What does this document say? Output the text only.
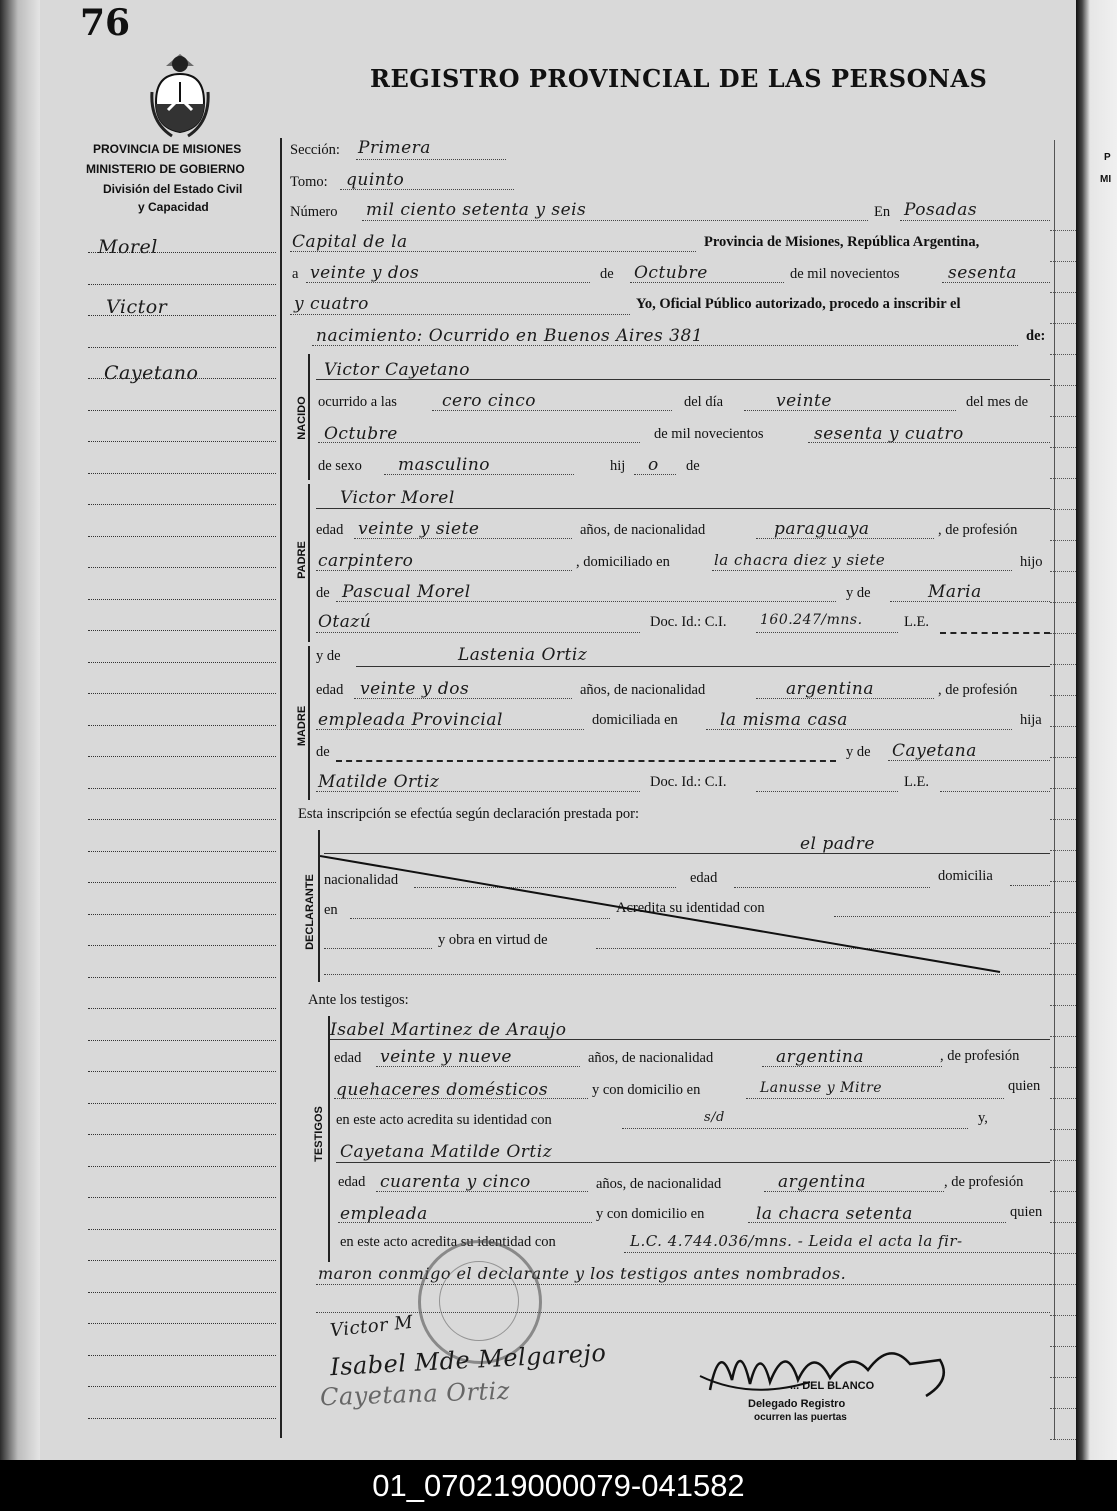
P
MI
76
REGISTRO PROVINCIAL DE LAS PERSONAS
PROVINCIA DE MISIONES
MINISTERIO DE GOBIERNO
División del Estado Civil
y Capacidad
Morel
Victor
Cayetano
Sección: Primera
Tomo: quinto
Número mil ciento setenta y seis	En Posadas
Capital de la	Provincia de Misiones, República Argentina,
a veinte y dos	de Octubre	de mil novecientos	sesenta
y cuatro	Yo, Oficial Público autorizado, procedo a inscribir el
nacimiento: Ocurrido en Buenos Aires 381	de:
NACIDO
Victor Cayetano
ocurrido a las	cero cinco	del día	veinte	del mes de
Octubre	de mil novecientos	sesenta y cuatro
de sexo masculino	hij o de
PADRE
Victor Morel
edad veinte y siete	años, de nacionalidad	paraguaya	, de profesión
carpintero	, domiciliado en	la chacra diez y siete	hijo
de Pascual Morel	y de	Maria
Otazú	Doc. Id.: C.I. 160.247/mns.	L.E.
MADRE
y de	Lastenia Ortiz
edad veinte y dos	años, de nacionalidad	argentina	, de profesión
empleada Provincial	domiciliada en la misma casa	hija
de	y de Cayetana
Matilde Ortiz	Doc. Id.: C.I.	L.E.
Esta inscripción se efectúa según declaración prestada por:
DECLARANTE
el padre
nacionalidad	edad	domicilia
en	Acredita su identidad con
y obra en virtud de
Ante los testigos:
TESTIGOS
Isabel Martinez de Araujo
edad veinte y nueve	años, de nacionalidad	argentina	, de profesión
quehaceres domésticos	y con domicilio en	Lanusse y Mitre	quien
en este acto acredita su identidad con	s/d	y,
Cayetana Matilde Ortiz
edad cuarenta y cinco	años, de nacionalidad	argentina	, de profesión
empleada	y con domicilio en	la chacra setenta	quien
en este acto acredita su identidad con	L.C. 4.744.036/mns. - Leida el acta la fir-
maron conmigo el declarante y los testigos antes nombrados.
Victor M
Isabel Mde Melgarejo
Cayetana Ortiz	... DEL BLANCO
Delegado Registro
ocurren las puertas
01_070219000079-041582
